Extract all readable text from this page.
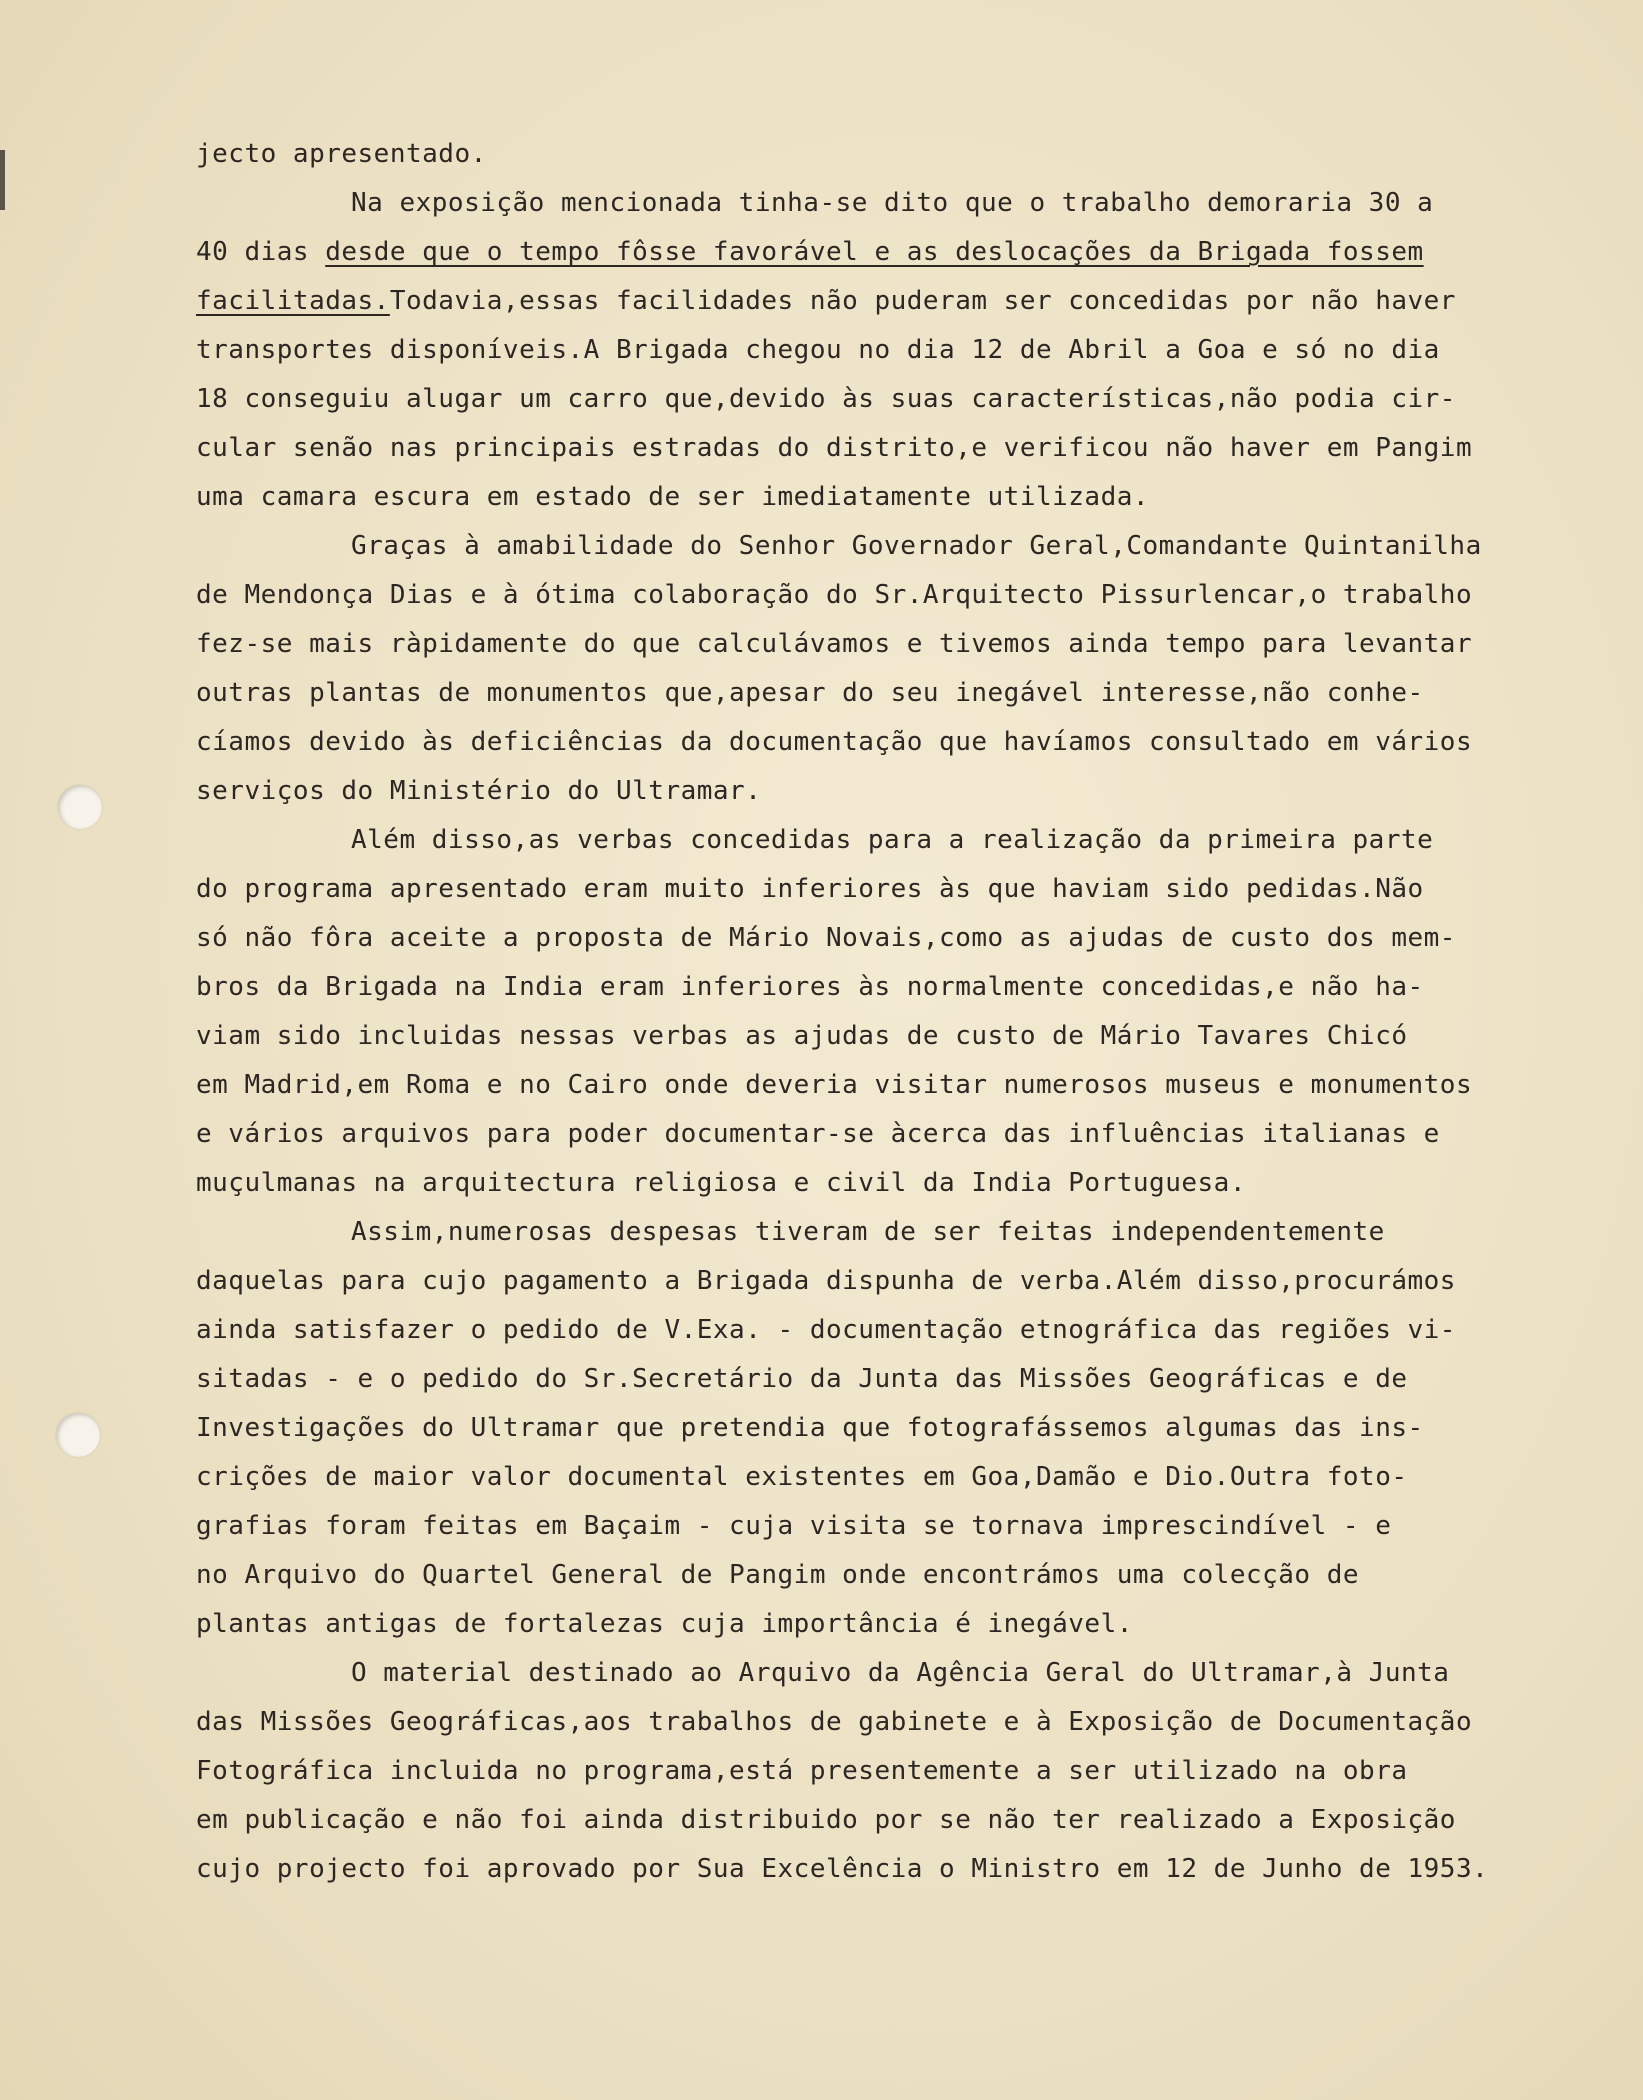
jecto apresentado.
Na exposição mencionada tinha-se dito que o trabalho demoraria 30 a
40 dias desde que o tempo fôsse favorável e as deslocações da Brigada fossem
facilitadas.Todavia,essas facilidades não puderam ser concedidas por não haver
transportes disponíveis.A Brigada chegou no dia 12 de Abril a Goa e só no dia
18 conseguiu alugar um carro que,devido às suas características,não podia cir-
cular senão nas principais estradas do distrito,e verificou não haver em Pangim
uma camara escura em estado de ser imediatamente utilizada.
Graças à amabilidade do Senhor Governador Geral,Comandante Quintanilha
de Mendonça Dias e à ótima colaboração do Sr.Arquitecto Pissurlencar,o trabalho
fez-se mais ràpidamente do que calculávamos e tivemos ainda tempo para levantar
outras plantas de monumentos que,apesar do seu inegável interesse,não conhe-
cíamos devido às deficiências da documentação que havíamos consultado em vários
serviços do Ministério do Ultramar.
Além disso,as verbas concedidas para a realização da primeira parte
do programa apresentado eram muito inferiores às que haviam sido pedidas.Não
só não fôra aceite a proposta de Mário Novais,como as ajudas de custo dos mem-
bros da Brigada na India eram inferiores às normalmente concedidas,e não ha-
viam sido incluidas nessas verbas as ajudas de custo de Mário Tavares Chicó
em Madrid,em Roma e no Cairo onde deveria visitar numerosos museus e monumentos
e vários arquivos para poder documentar-se àcerca das influências italianas e
muçulmanas na arquitectura religiosa e civil da India Portuguesa.
Assim,numerosas despesas tiveram de ser feitas independentemente
daquelas para cujo pagamento a Brigada dispunha de verba.Além disso,procurámos
ainda satisfazer o pedido de V.Exa. - documentação etnográfica das regiões vi-
sitadas - e o pedido do Sr.Secretário da Junta das Missões Geográficas e de
Investigações do Ultramar que pretendia que fotografássemos algumas das ins-
crições de maior valor documental existentes em Goa,Damão e Dio.Outra foto-
grafias foram feitas em Baçaim - cuja visita se tornava imprescindível - e
no Arquivo do Quartel General de Pangim onde encontrámos uma colecção de
plantas antigas de fortalezas cuja importância é inegável.
O material destinado ao Arquivo da Agência Geral do Ultramar,à Junta
das Missões Geográficas,aos trabalhos de gabinete e à Exposição de Documentação
Fotográfica incluida no programa,está presentemente a ser utilizado na obra
em publicação e não foi ainda distribuido por se não ter realizado a Exposição
cujo projecto foi aprovado por Sua Excelência o Ministro em 12 de Junho de 1953.
